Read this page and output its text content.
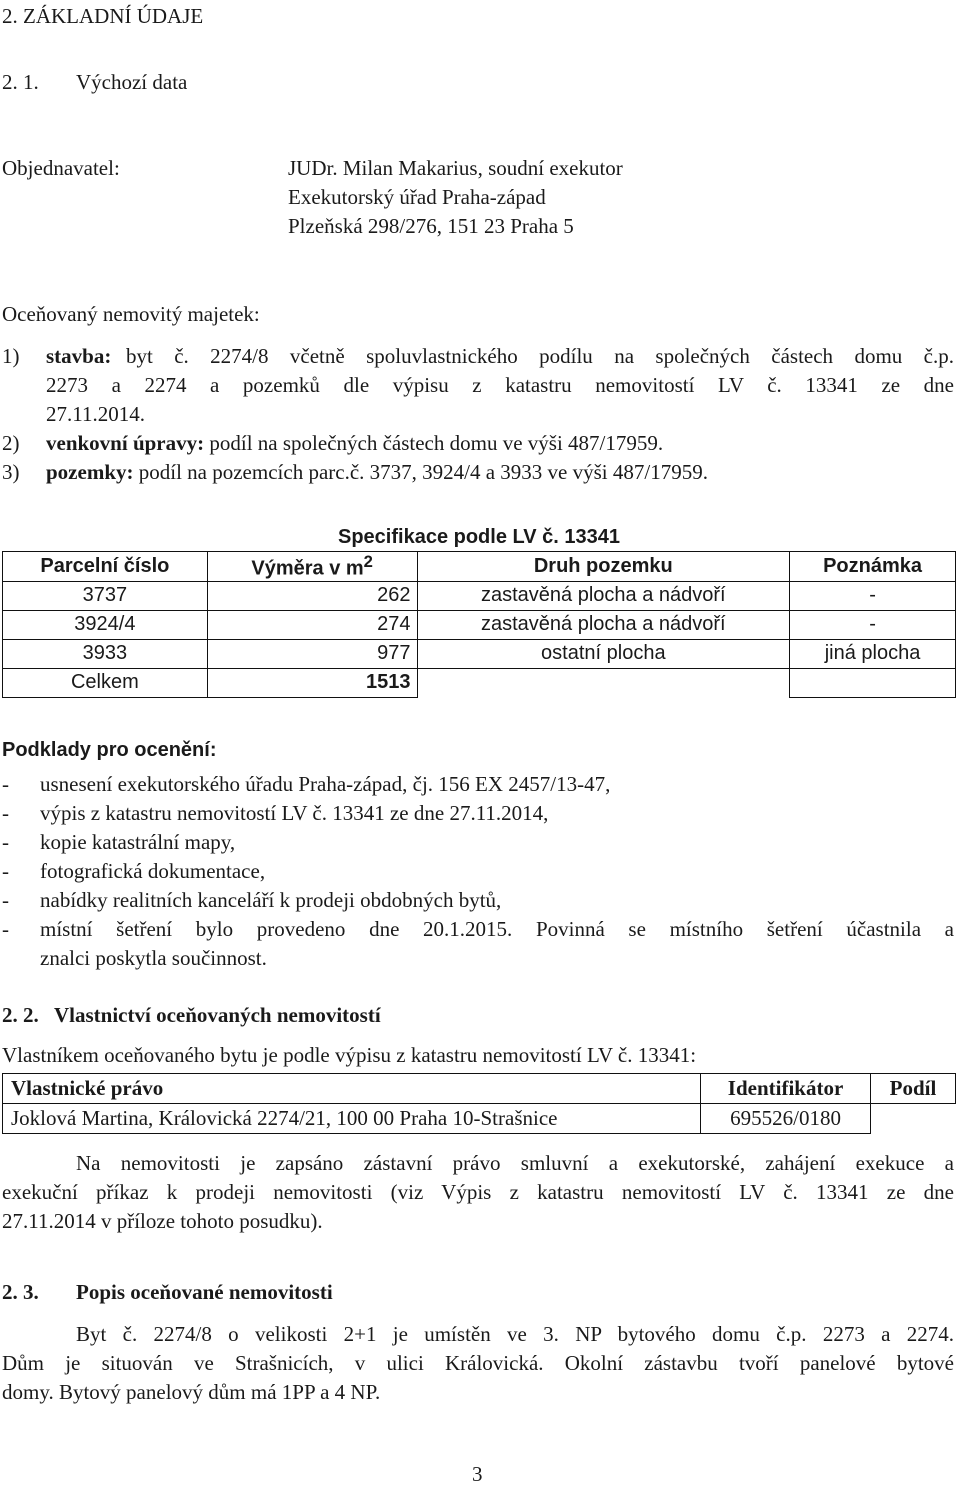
2. ZÁKLADNÍ ÚDAJE
2. 1. Výchozí data
Objednavatel:	JUDr. Milan Makarius, soudní exekutor
Exekutorský úřad Praha-západ
Plzeňská 298/276, 151 23 Praha 5
Oceňovaný nemovitý majetek:
1) stavba: byt č. 2274/8 včetně spoluvlastnického podílu na společných částech domu č.p.
2273 a 2274 a pozemků dle výpisu z katastru nemovitostí LV č. 13341 ze dne
27.11.2014.
2) venkovní úpravy: podíl na společných částech domu ve výši 487/17959.
3) pozemky: podíl na pozemcích parc.č. 3737, 3924/4 a 3933 ve výši 487/17959.
Specifikace podle LV č. 13341			
Parcelní číslo	Výměra v $m^2$	Druh pozemku	Poznámka
3737	262	zastavěná plocha a nádvoří	-
3924/4	274	zastavěná plocha a nádvoří	-
3933	977	ostatní plocha	jiná plocha
Celkem	1513		
Podklady pro ocenění:
- usnesení exekutorského úřadu Praha-západ, čj. 156 EX 2457/13-47,
- výpis z katastru nemovitostí LV č. 13341 ze dne 27.11.2014,
- kopie katastrální mapy,
- fotografická dokumentace,
- nabídky realitních kanceláří k prodeji obdobných bytů,
- místní šetření bylo provedeno dne 20.1.2015. Povinná se místního šetření účastnila a
znalci poskytla součinnost.
2. 2. Vlastnictví oceňovaných nemovitostí
Vlastníkem oceňovaného bytu je podle výpisu z katastru nemovitostí LV č. 13341:
Vlastnické právo	Identifikátor	Podíl
Joklová Martina, Královická 2274/21, 100 00 Praha 10-Strašnice	695526/0180	
Na nemovitosti je zapsáno zástavní právo smluvní a exekutorské, zahájení exekuce a
exekuční příkaz k prodeji nemovitosti (viz Výpis z katastru nemovitostí LV č. 13341 ze dne
27.11.2014 v příloze tohoto posudku).
2. 3. Popis oceňované nemovitosti
Byt č. 2274/8 o velikosti 2+1 je umístěn ve 3. NP bytového domu č.p. 2273 a 2274.
Dům je situován ve Strašnicích, v ulici Královická. Okolní zástavbu tvoří panelové bytové
domy. Bytový panelový dům má 1PP a 4 NP.
3
